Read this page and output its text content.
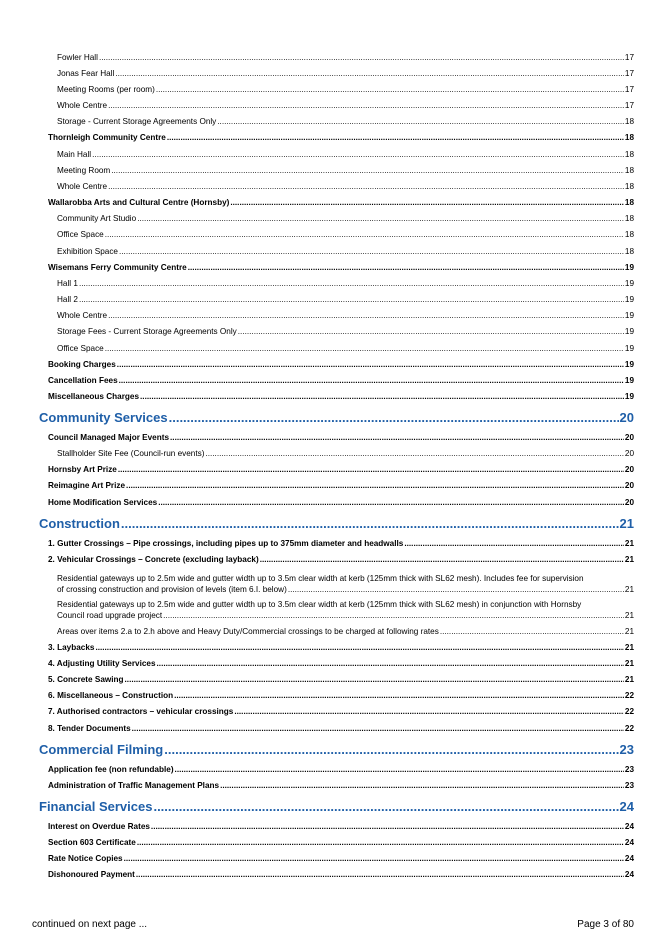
Fowler Hall .....	17
Jonas Fear Hall .....	17
Meeting Rooms (per room) .....	17
Whole Centre .....	17
Storage - Current Storage Agreements Only .....	18
Thornleigh Community Centre .....	18
Main Hall .....	18
Meeting Room .....	18
Whole Centre .....	18
Wallarobba Arts and Cultural Centre (Hornsby) .....	18
Community Art Studio .....	18
Office Space .....	18
Exhibition Space .....	18
Wisemans Ferry Community Centre .....	19
Hall 1 .....	19
Hall 2 .....	19
Whole Centre .....	19
Storage Fees - Current Storage Agreements Only .....	19
Office Space .....	19
Booking Charges .....	19
Cancellation Fees .....	19
Miscellaneous Charges .....	19
Community Services .....	20
Council Managed Major Events .....	20
Stallholder Site Fee (Council-run events) .....	20
Hornsby Art Prize .....	20
Reimagine Art Prize .....	20
Home Modification Services .....	20
Construction .....	21
1. Gutter Crossings – Pipe crossings, including pipes up to 375mm diameter and headwalls .....	21
2. Vehicular Crossings – Concrete (excluding layback) .....	21
Residential gateways up to 2.5m wide and gutter width up to 3.5m clear width at kerb (125mm thick with SL62 mesh). Includes fee for supervision
of crossing construction and provision of levels (item 6.I. below) .....	21
Residential gateways up to 2.5m wide and gutter width up to 3.5m clear width at kerb (125mm thick with SL62 mesh) in conjunction with Hornsby
Council road upgrade project .....	21
Areas over items 2.a to 2.h above and Heavy Duty/Commercial crossings to be charged at following rates .....	21
3. Laybacks .....	21
4. Adjusting Utility Services .....	21
5. Concrete Sawing .....	21
6. Miscellaneous – Construction .....	22
7. Authorised contractors – vehicular crossings .....	22
8. Tender Documents .....	22
Commercial Filming .....	23
Application fee (non refundable) .....	23
Administration of Traffic Management Plans .....	23
Financial Services .....	24
Interest on Overdue Rates .....	24
Section 603 Certificate .....	24
Rate Notice Copies .....	24
Dishonoured Payment .....	24
continued on next page ...	Page 3 of 80
